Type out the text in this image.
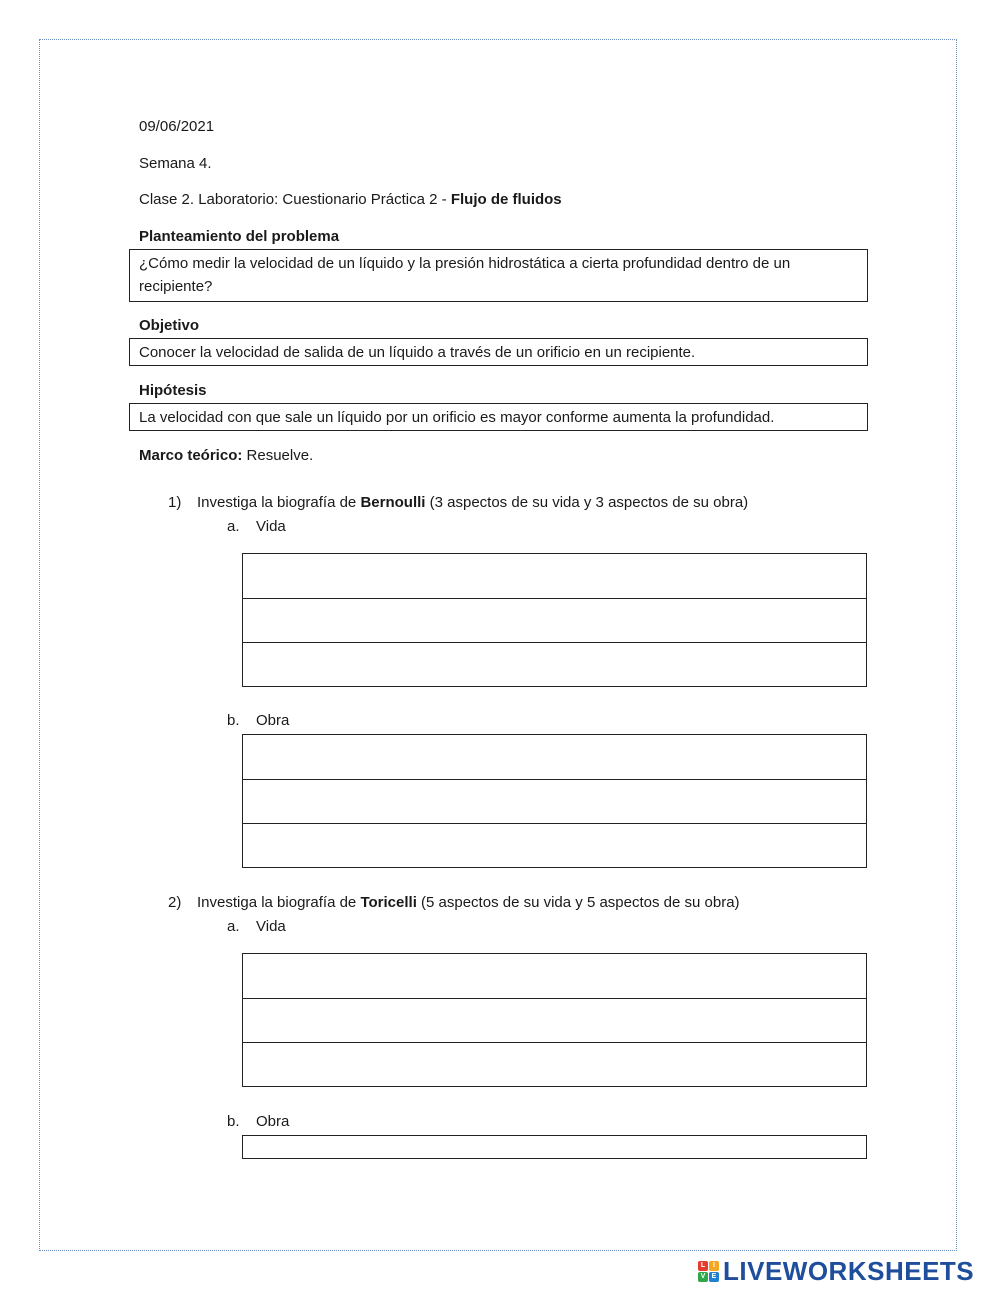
09/06/2021
Semana 4.
Clase 2. Laboratorio: Cuestionario Práctica 2 - Flujo de fluidos
Planteamiento del problema
¿Cómo medir la velocidad de un líquido y la presión hidrostática a cierta profundidad dentro de un
recipiente?
Objetivo
Conocer la velocidad de salida de un líquido a través de un orificio en un recipiente.
Hipótesis
La velocidad con que sale un líquido por un orificio es mayor conforme aumenta la profundidad.
Marco teórico: Resuelve.
1) Investiga la biografía de Bernoulli (3 aspectos de su vida y 3 aspectos de su obra)
a. Vida

b. Obra

2) Investiga la biografía de Toricelli (5 aspectos de su vida y 5 aspectos de su obra)
a. Vida

b. Obra
L	I
V E LIVEWORKSHEETS
